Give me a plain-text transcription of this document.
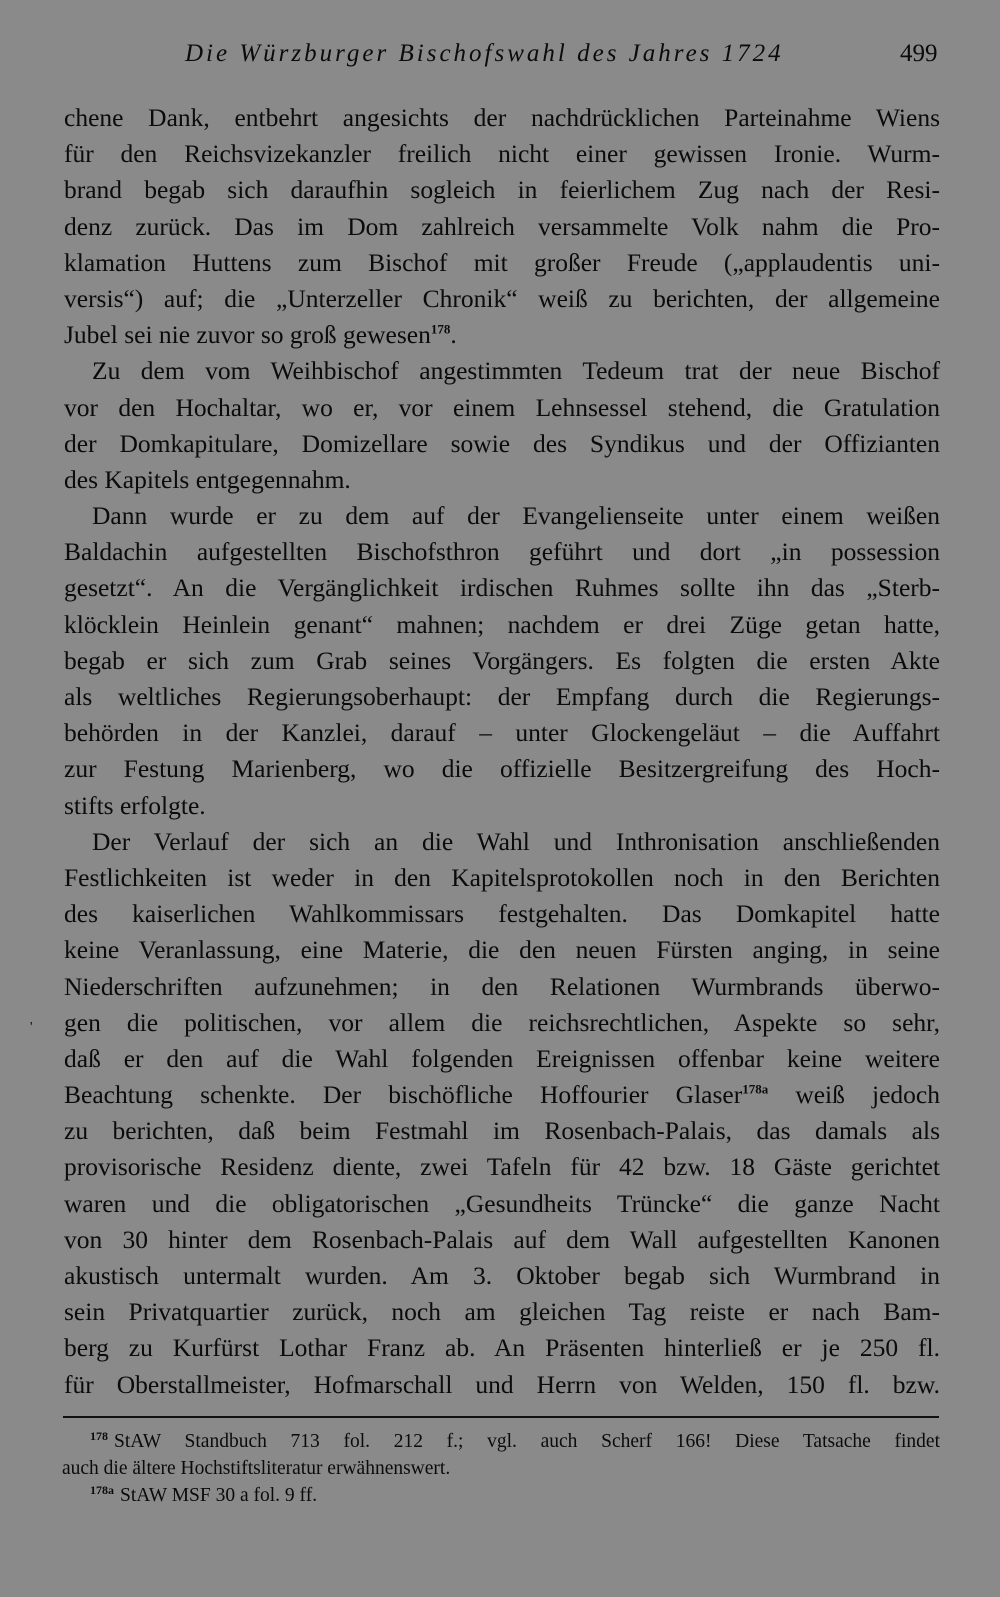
Die Würzburger Bischofswahl des Jahres 1724	499
chene Dank, entbehrt angesichts der nachdrücklichen Parteinahme Wiens
für den Reichsvizekanzler freilich nicht einer gewissen Ironie. Wurm-
brand begab sich daraufhin sogleich in feierlichem Zug nach der Resi-
denz zurück. Das im Dom zahlreich versammelte Volk nahm die Pro-
klamation Huttens zum Bischof mit großer Freude („applaudentis uni-
versis“) auf; die „Unterzeller Chronik“ weiß zu berichten, der allgemeine
Jubel sei nie zuvor so groß gewesen$^{178}$.
Zu dem vom Weihbischof angestimmten Tedeum trat der neue Bischof
vor den Hochaltar, wo er, vor einem Lehnsessel stehend, die Gratulation
der Domkapitulare, Domizellare sowie des Syndikus und der Offizianten
des Kapitels entgegennahm.
Dann wurde er zu dem auf der Evangelienseite unter einem weißen
Baldachin aufgestellten Bischofsthron geführt und dort „in possession
gesetzt“. An die Vergänglichkeit irdischen Ruhmes sollte ihn das „Sterb-
klöcklein Heinlein genant“ mahnen; nachdem er drei Züge getan hatte,
begab er sich zum Grab seines Vorgängers. Es folgten die ersten Akte
als weltliches Regierungsoberhaupt: der Empfang durch die Regierungs-
behörden in der Kanzlei, darauf – unter Glockengeläut – die Auffahrt
zur Festung Marienberg, wo die offizielle Besitzergreifung des Hoch-
stifts erfolgte.
Der Verlauf der sich an die Wahl und Inthronisation anschließenden
Festlichkeiten ist weder in den Kapitelsprotokollen noch in den Berichten
des kaiserlichen Wahlkommissars festgehalten. Das Domkapitel hatte
keine Veranlassung, eine Materie, die den neuen Fürsten anging, in seine
Niederschriften aufzunehmen; in den Relationen Wurmbrands überwo-
gen die politischen, vor allem die reichsrechtlichen, Aspekte so sehr,
daß er den auf die Wahl folgenden Ereignissen offenbar keine weitere
Beachtung schenkte. Der bischöfliche Hoffourier Glaser$^{178a}$ weiß jedoch
zu berichten, daß beim Festmahl im Rosenbach-Palais, das damals als
provisorische Residenz diente, zwei Tafeln für 42 bzw. 18 Gäste gerichtet
waren und die obligatorischen „Gesundheits Trüncke“ die ganze Nacht
von 30 hinter dem Rosenbach-Palais auf dem Wall aufgestellten Kanonen
akustisch untermalt wurden. Am 3. Oktober begab sich Wurmbrand in
sein Privatquartier zurück, noch am gleichen Tag reiste er nach Bam-
berg zu Kurfürst Lothar Franz ab. An Präsenten hinterließ er je 250 fl.
für Oberstallmeister, Hofmarschall und Herrn von Welden, 150 fl. bzw.
'
$^{178}$ StAW Standbuch 713 fol. 212 f.; vgl. auch Scherf 166! Diese Tatsache findet
auch die ältere Hochstiftsliteratur erwähnenswert.
$^{178a}$ StAW MSF 30 a fol. 9 ff.
